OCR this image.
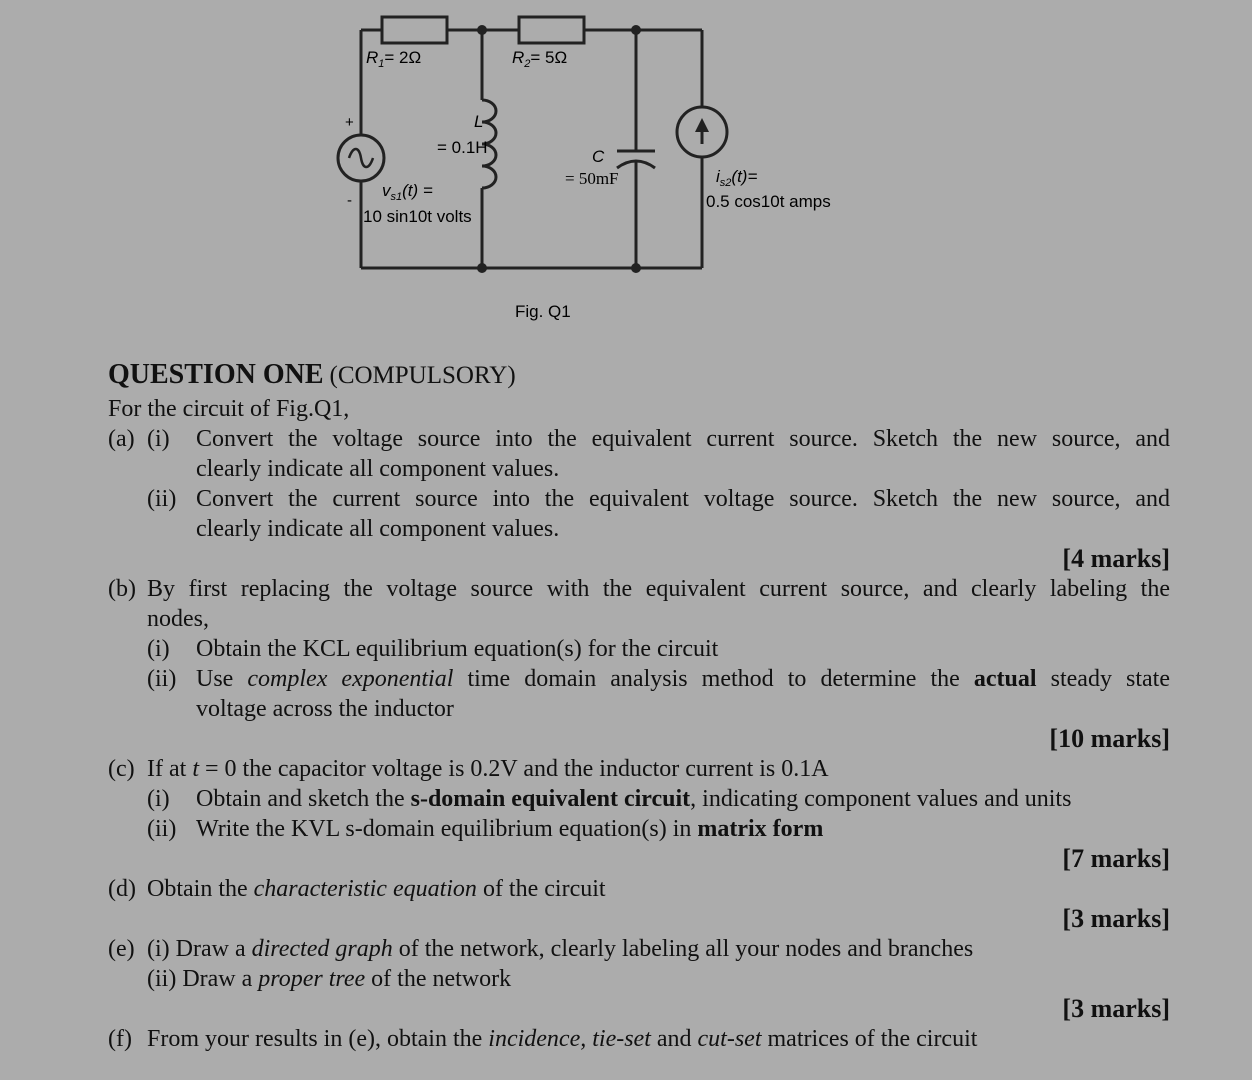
$R_1= 2\Omega$	$R_2= 5\Omega$
L
= 0.1H	C
= 50mF
+
-
$v_{s1}(t)$ =
10 sin10t volts
$i_{s2}(t)=$
0.5 cos10t amps
Fig. Q1
QUESTION ONE (COMPULSORY)
For the circuit of Fig.Q1,
(a) (i) Convert the voltage source into the equivalent current source. Sketch the new source, and
clearly indicate all component values.
(ii) Convert the current source into the equivalent voltage source. Sketch the new source, and
clearly indicate all component values.
[4 marks]
(b) By first replacing the voltage source with the equivalent current source, and clearly labeling the
nodes,
(i) Obtain the KCL equilibrium equation(s) for the circuit
(ii) Use complex exponential time domain analysis method to determine the actual steady state
voltage across the inductor
[10 marks]
(c) If at t = 0 the capacitor voltage is 0.2V and the inductor current is 0.1A
(i) Obtain and sketch the s-domain equivalent circuit, indicating component values and units
(ii) Write the KVL s-domain equilibrium equation(s) in matrix form
[7 marks]
(d) Obtain the characteristic equation of the circuit
[3 marks]
(e) (i) Draw a directed graph of the network, clearly labeling all your nodes and branches
(ii) Draw a proper tree of the network
[3 marks]
(f) From your results in (e), obtain the incidence, tie-set and cut-set matrices of the circuit
